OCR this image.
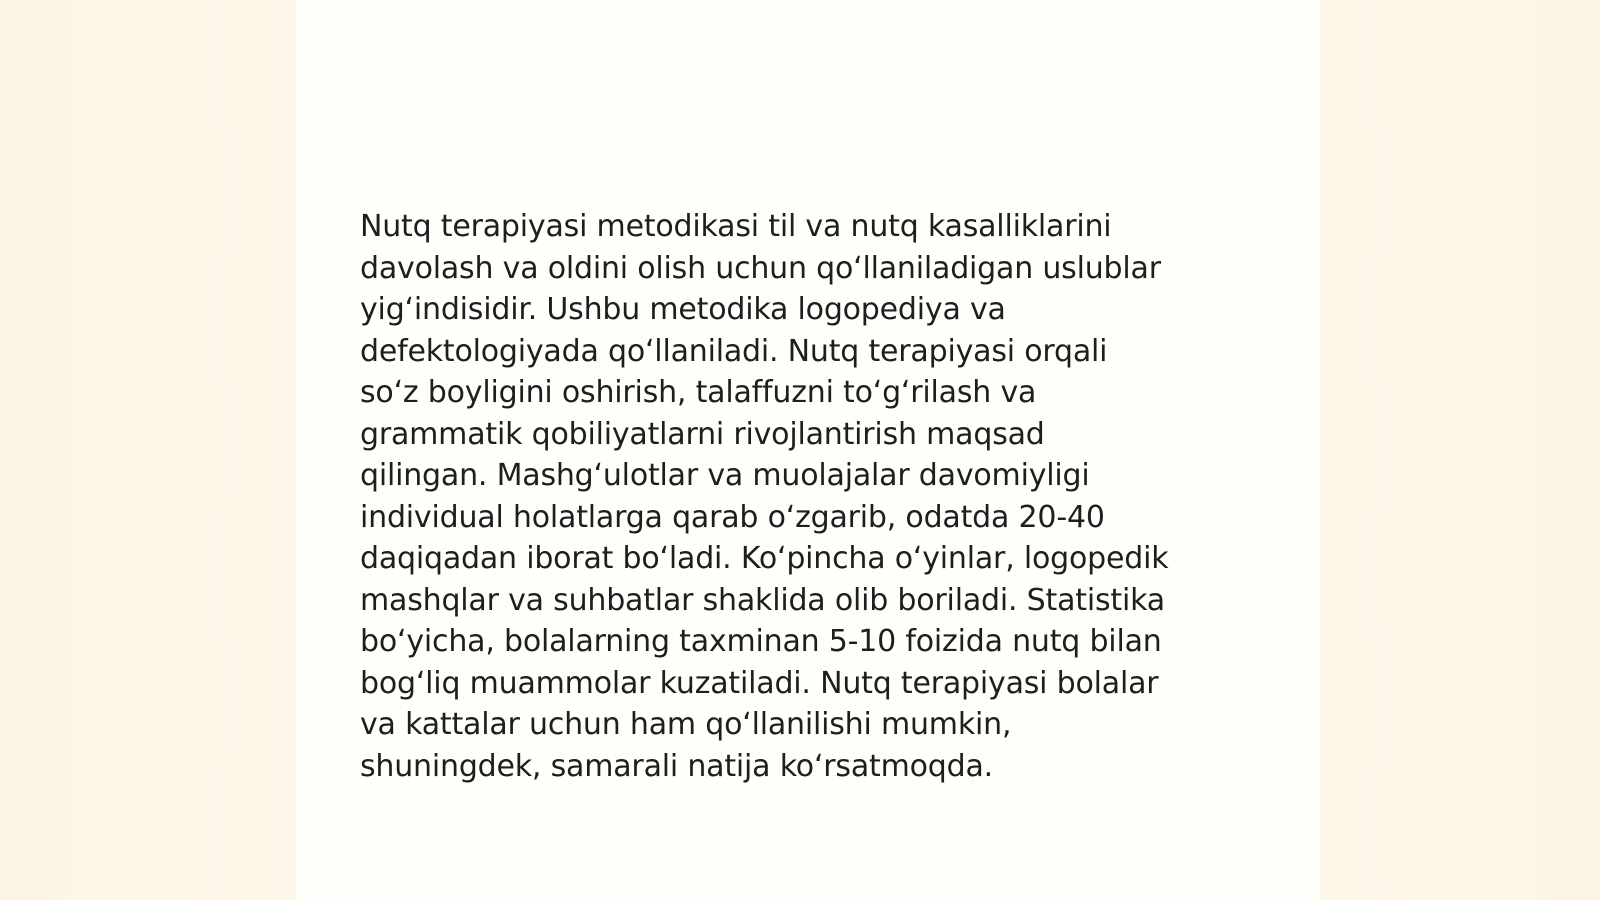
Nutq terapiyasi metodikasi til va nutq kasalliklarini
davolash va oldini olish uchun qoʻllaniladigan uslublar
yigʻindisidir. Ushbu metodika logopediya va
defektologiyada qoʻllaniladi. Nutq terapiyasi orqali
soʻz boyligini oshirish, talaffuzni toʻgʻrilash va
grammatik qobiliyatlarni rivojlantirish maqsad
qilingan. Mashgʻulotlar va muolajalar davomiyligi
individual holatlarga qarab oʻzgarib, odatda 20-40
daqiqadan iborat boʻladi. Koʻpincha oʻyinlar, logopedik
mashqlar va suhbatlar shaklida olib boriladi. Statistika
boʻyicha, bolalarning taxminan 5-10 foizida nutq bilan
bogʻliq muammolar kuzatiladi. Nutq terapiyasi bolalar
va kattalar uchun ham qoʻllanilishi mumkin,
shuningdek, samarali natija koʻrsatmoqda.
